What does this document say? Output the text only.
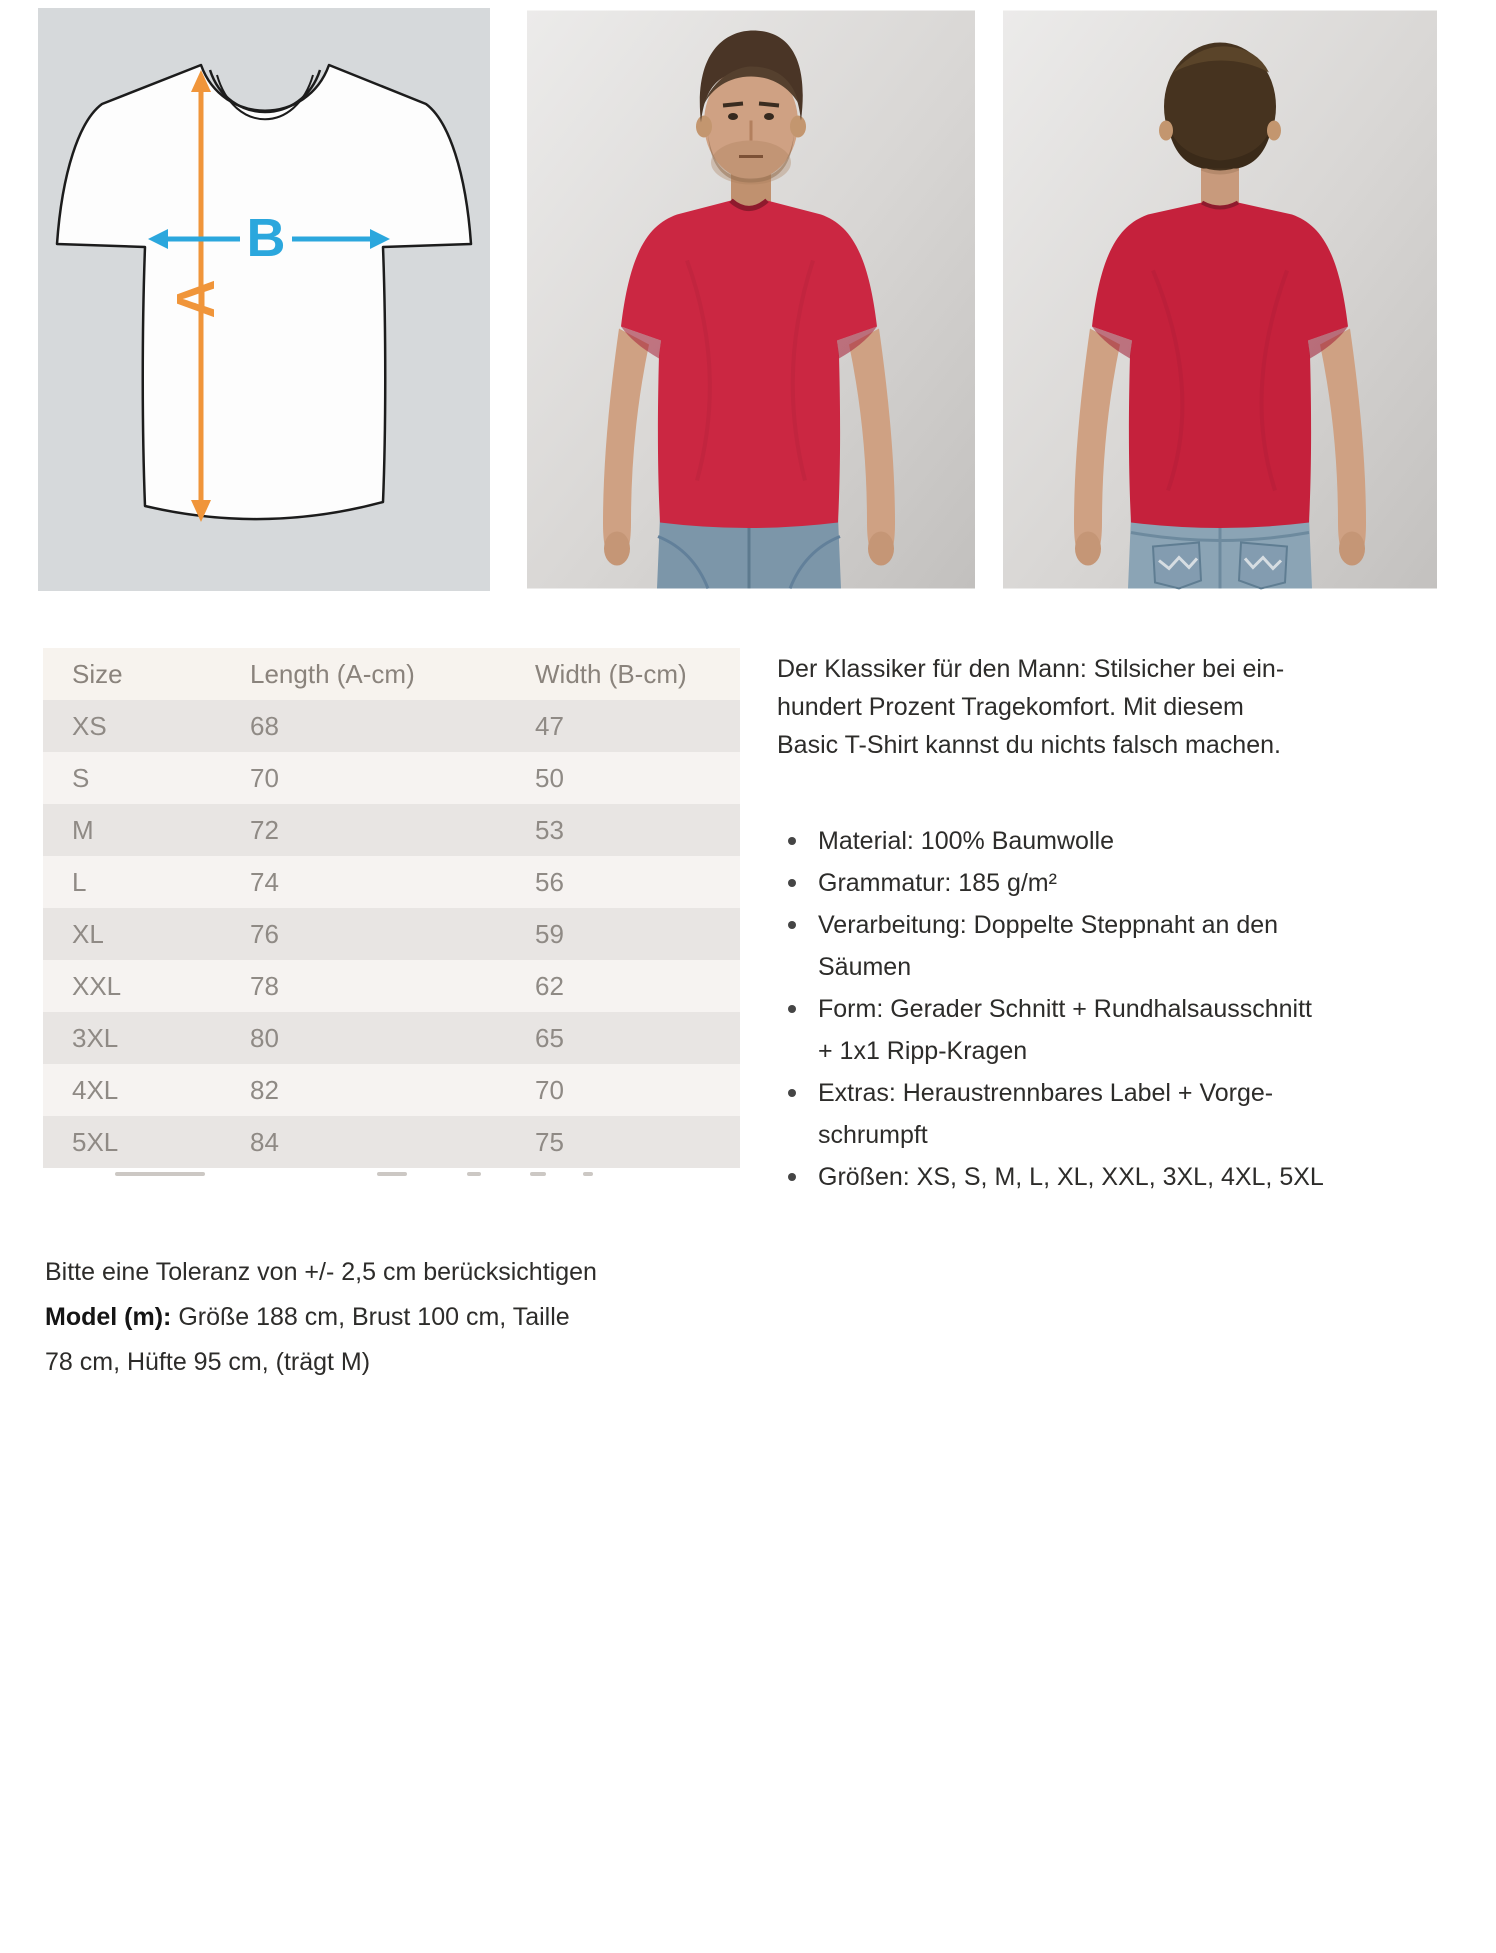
A
B
Size	Length (A-cm)	Width (B-cm)
XS	68	47
S	70	50
M	72	53
L	74	56
XL	76	59
XXL	78	62
3XL	80	65
4XL	82	70
5XL	84	75
Der Klassiker für den Mann: Stilsicher bei ein-
hundert Prozent Tragekomfort. Mit diesem
Basic T-Shirt kannst du nichts falsch machen.
Material: 100% Baumwolle
Grammatur: 185 g/m²
Verarbeitung: Doppelte Steppnaht an den
Säumen
Form: Gerader Schnitt + Rundhalsausschnitt
+ 1x1 Ripp-Kragen
Extras: Heraustrennbares Label + Vorge-
schrumpft
Größen: XS, S, M, L, XL, XXL, 3XL, 4XL, 5XL
Bitte eine Toleranz von +/- 2,5 cm berücksichtigen
Model (m): Größe 188 cm, Brust 100 cm, Taille
78 cm, Hüfte 95 cm, (trägt M)
